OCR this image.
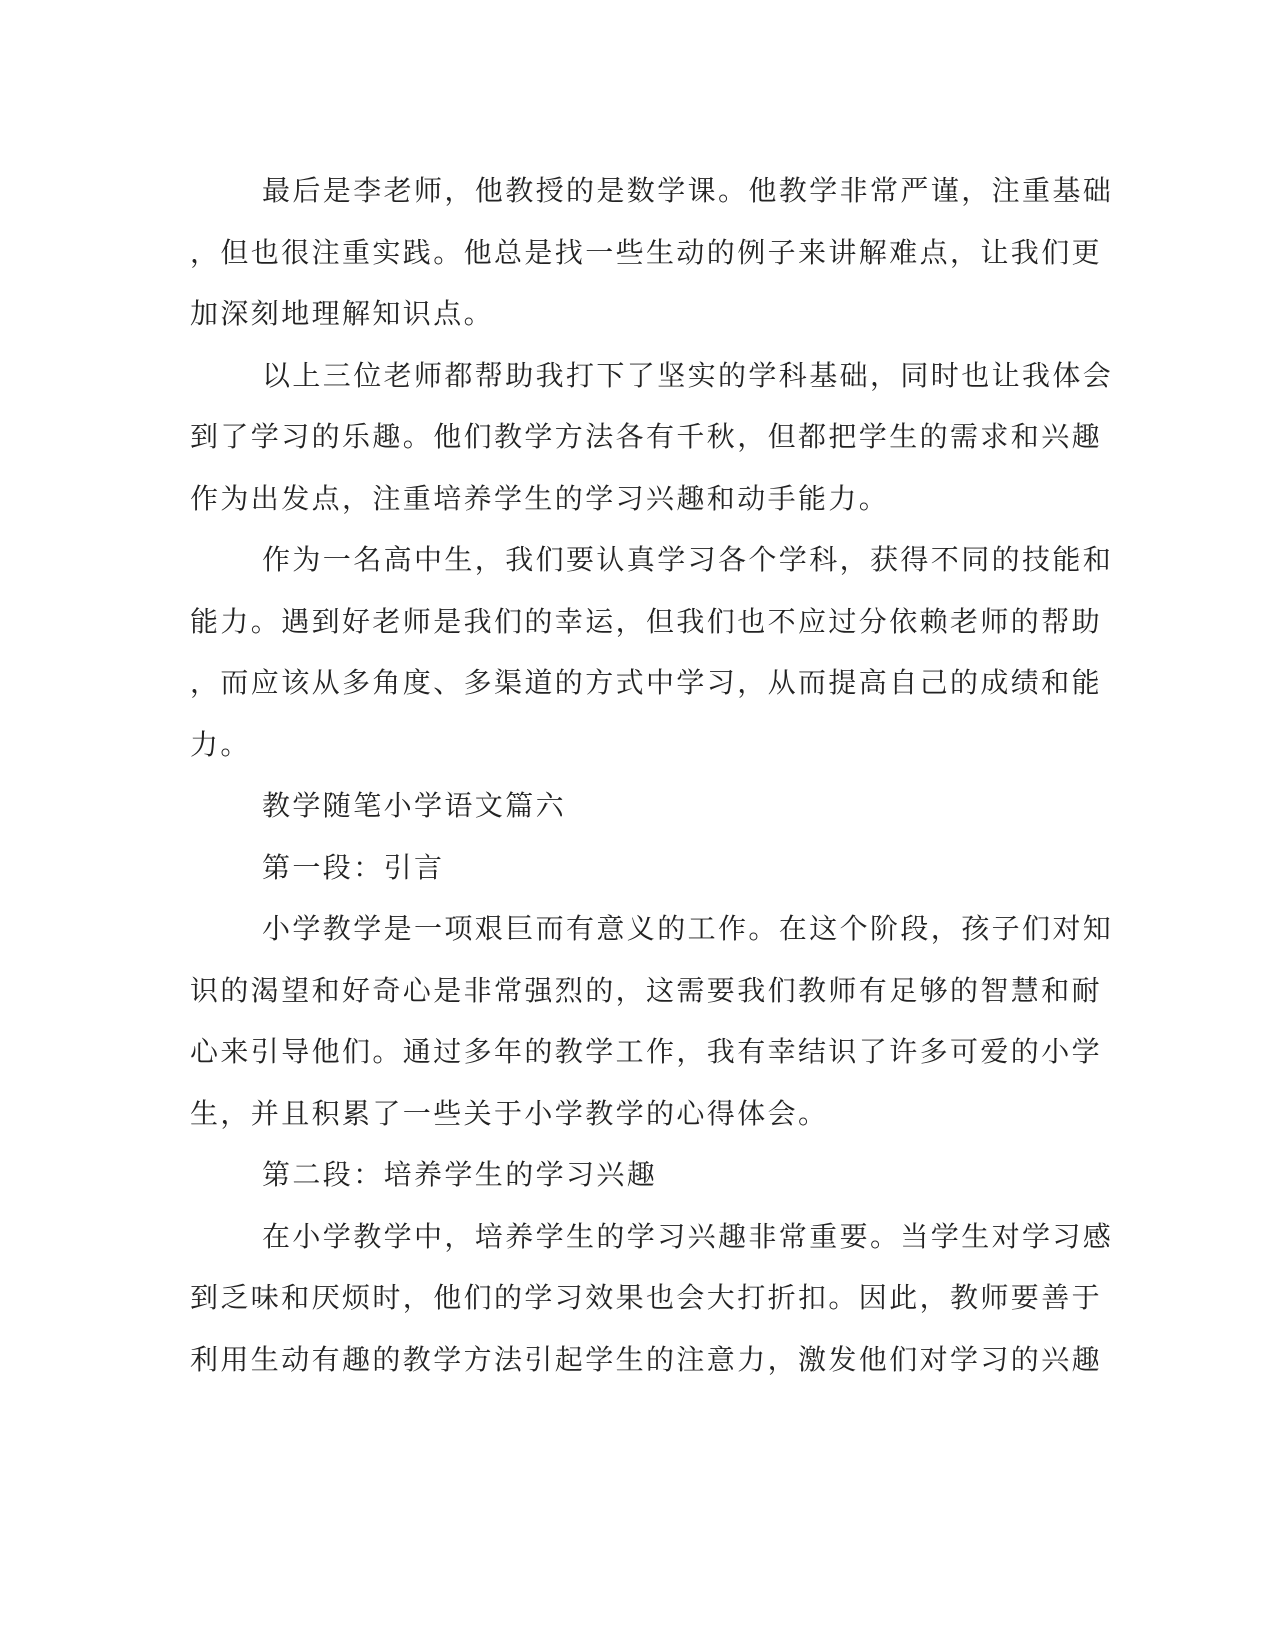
最后是李老师，他教授的是数学课。他教学非常严谨，注重基础
，但也很注重实践。他总是找一些生动的例子来讲解难点，让我们更
加深刻地理解知识点。
以上三位老师都帮助我打下了坚实的学科基础，同时也让我体会
到了学习的乐趣。他们教学方法各有千秋，但都把学生的需求和兴趣
作为出发点，注重培养学生的学习兴趣和动手能力。
作为一名高中生，我们要认真学习各个学科，获得不同的技能和
能力。遇到好老师是我们的幸运，但我们也不应过分依赖老师的帮助
，而应该从多角度、多渠道的方式中学习，从而提高自己的成绩和能
力。
教学随笔小学语文篇六
第一段：引言
小学教学是一项艰巨而有意义的工作。在这个阶段，孩子们对知
识的渴望和好奇心是非常强烈的，这需要我们教师有足够的智慧和耐
心来引导他们。通过多年的教学工作，我有幸结识了许多可爱的小学
生，并且积累了一些关于小学教学的心得体会。
第二段：培养学生的学习兴趣
在小学教学中，培养学生的学习兴趣非常重要。当学生对学习感
到乏味和厌烦时，他们的学习效果也会大打折扣。因此，教师要善于
利用生动有趣的教学方法引起学生的注意力，激发他们对学习的兴趣
